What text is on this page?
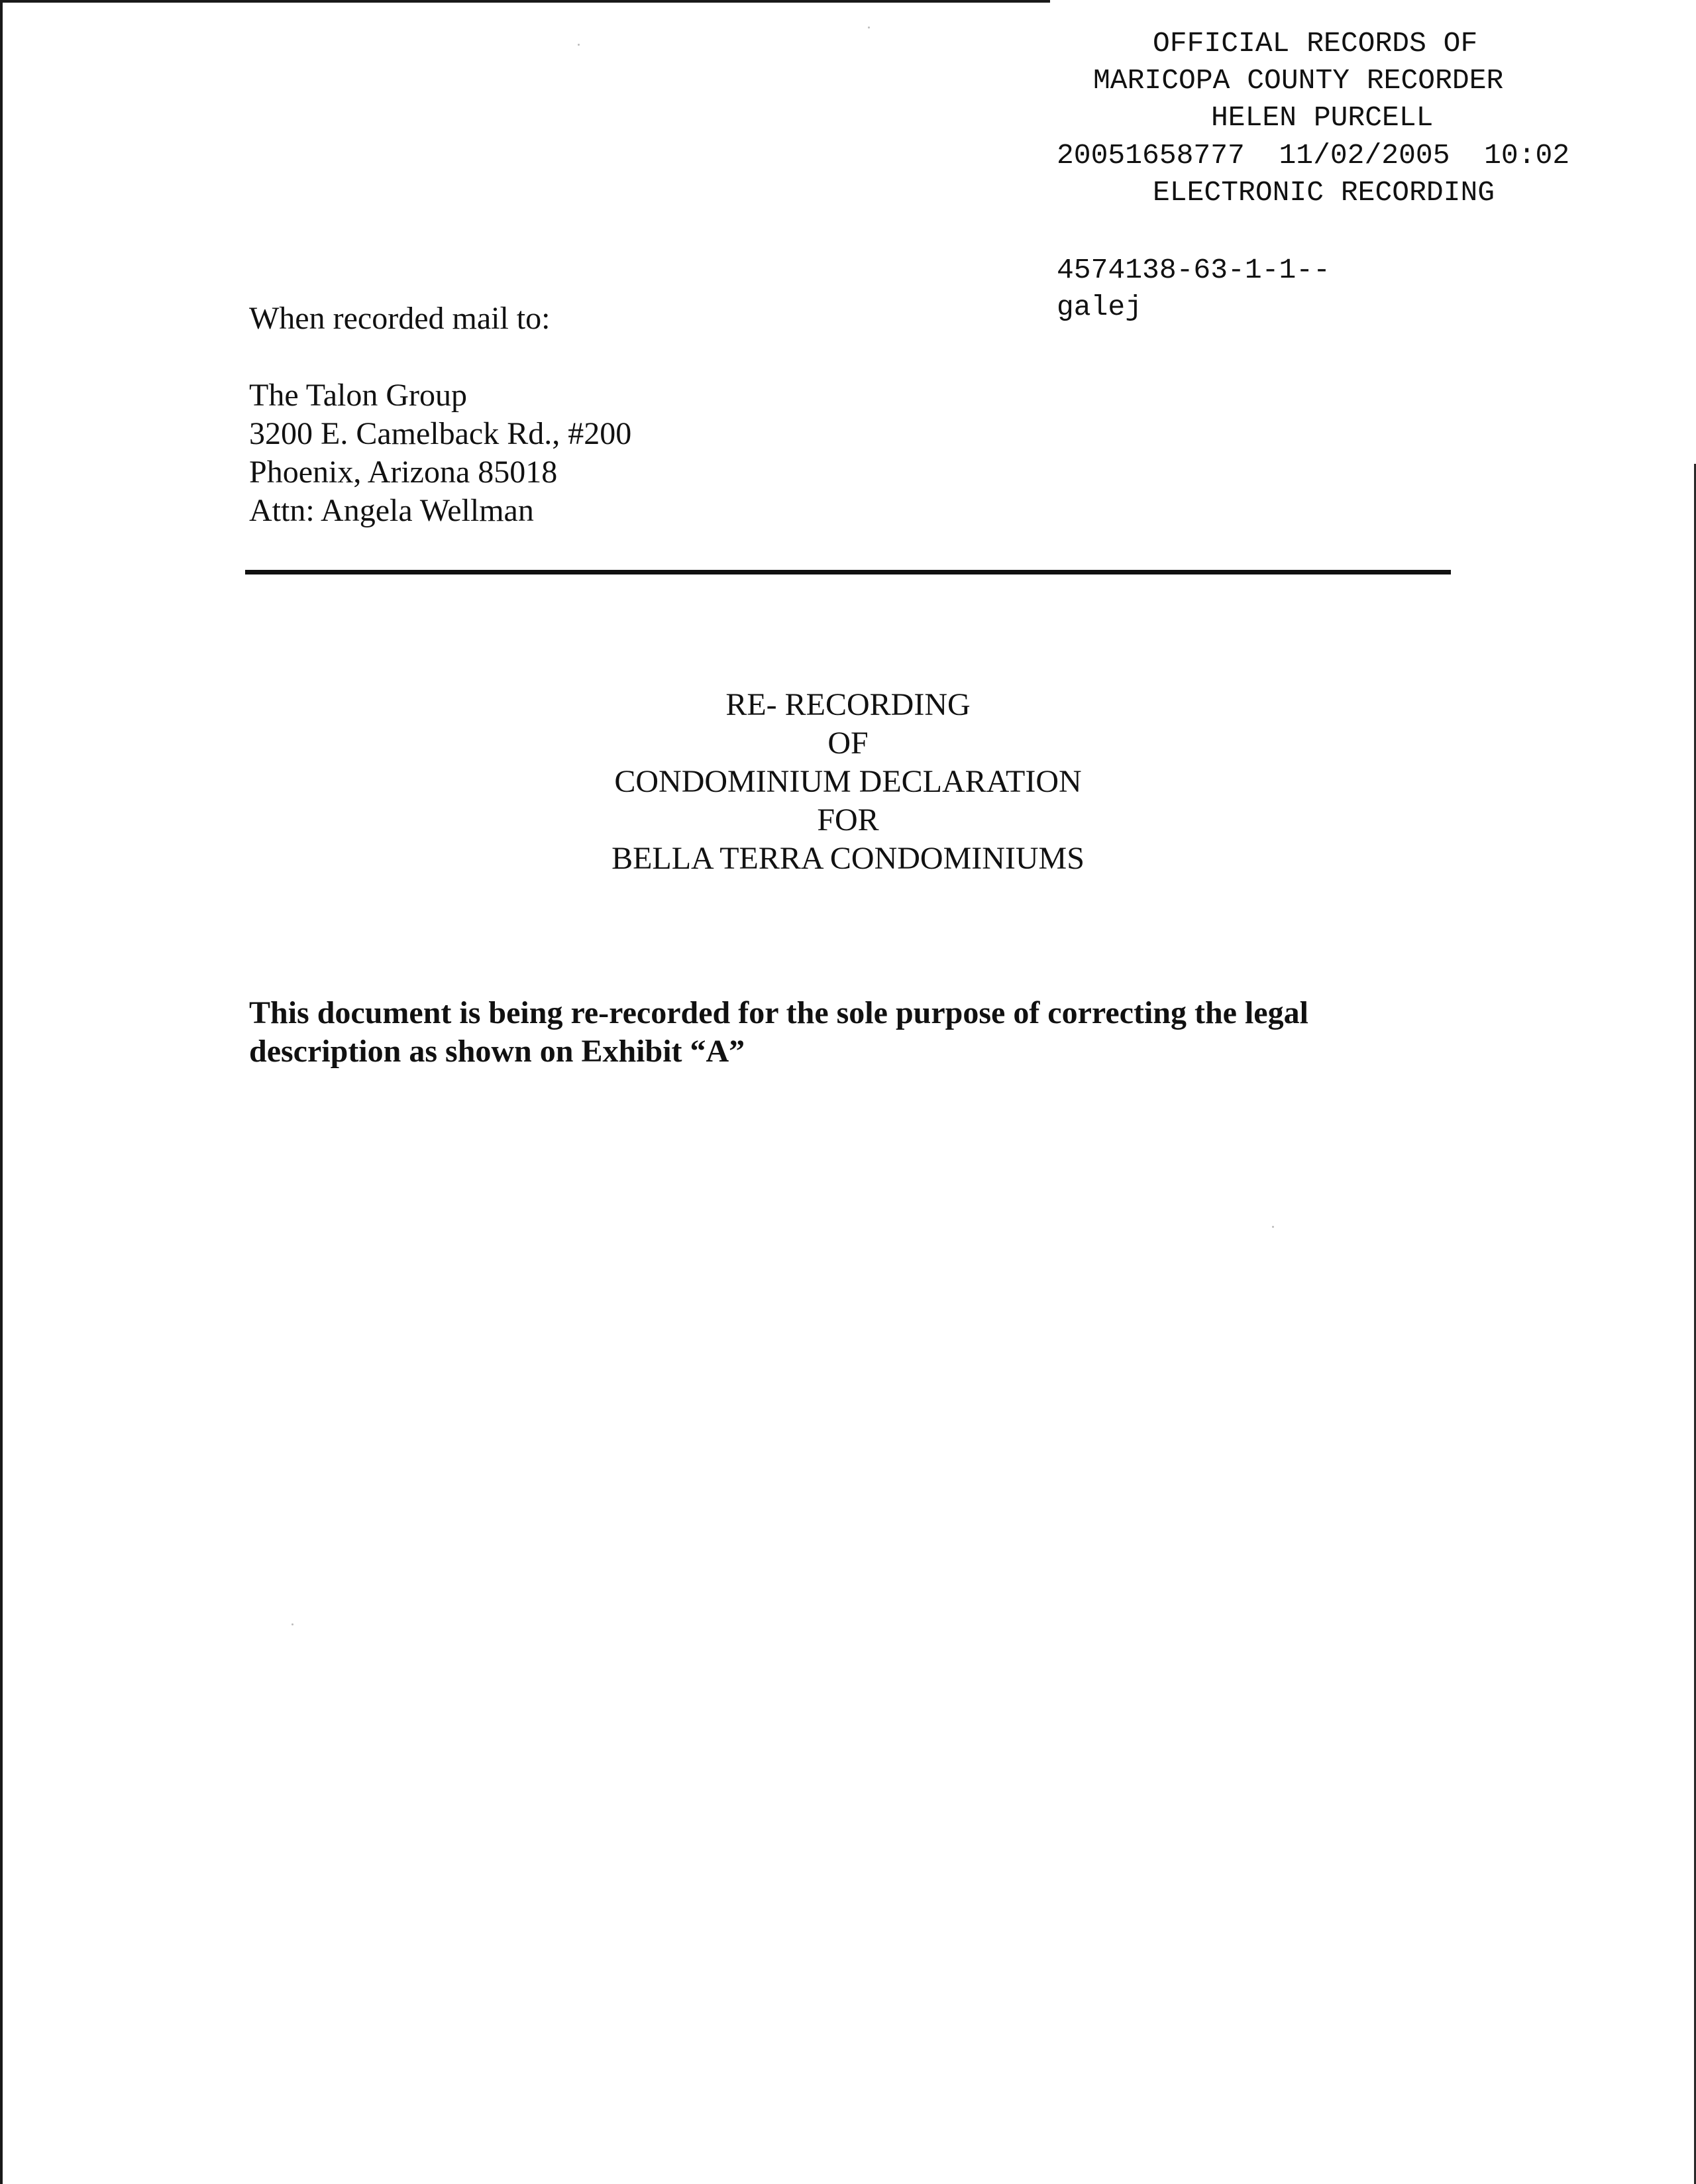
OFFICIAL RECORDS OF
MARICOPA COUNTY RECORDER
HELEN PURCELL
20051658777  11/02/2005  10:02
ELECTRONIC RECORDING
4574138-63-1-1--
galej
When recorded mail to:
The Talon Group
3200 E. Camelback Rd., #200
Phoenix, Arizona 85018
Attn: Angela Wellman
RE- RECORDING
OF
CONDOMINIUM DECLARATION
FOR
BELLA TERRA CONDOMINIUMS
This document is being re-recorded for the sole purpose of correcting the legal description as shown on Exhibit “A”
